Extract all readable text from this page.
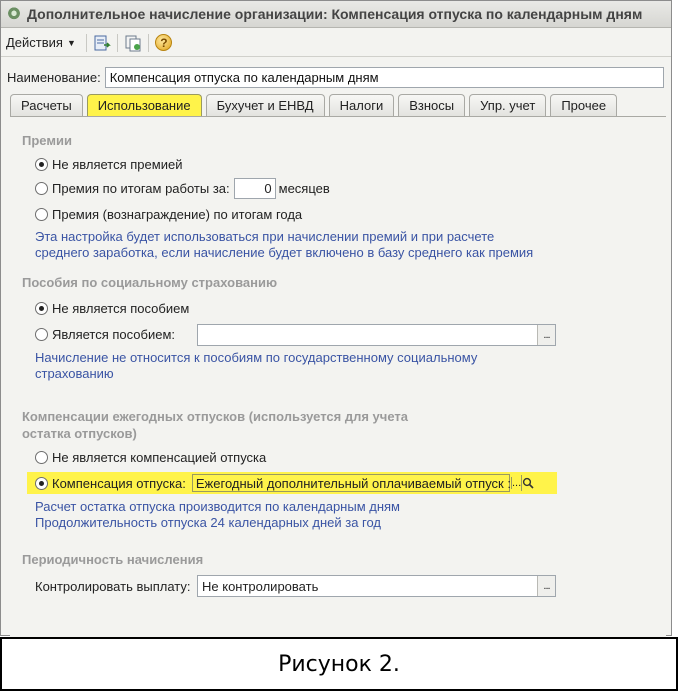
Дополнительное начисление организации: Компенсация отпуска по календарным дням
Действия ▼	?
Наименование:
Компенсация отпуска по календарным дням
Расчеты	Использование	Бухучет и ЕНВД	Налоги	Взносы	Упр. учет	Прочее
Премии
Не является премией
Премия по итогам работы за:	0 месяцев
Премия (вознаграждение) по итогам года
Эта настройка будет использоваться при начислении премий и при расчете
среднего заработка, если начисление будет включено в базу среднего как премия
Пособия по социальному страхованию
Не является пособием
Является пособием:	...
Начисление не относится к пособиям по государственному социальному
страхованию
Компенсации ежегодных отпусков (используется для учета
остатка отпусков)
Не является компенсацией отпуска
Компенсация отпуска: Ежегодный дополнительный оплачиваемый отпуск : ...
Расчет остатка отпуска производится по календарным дням
Продолжительность отпуска 24 календарных дней за год
Периодичность начисления
Контролировать выплату: Не контролировать	...
Рисунок 2.
